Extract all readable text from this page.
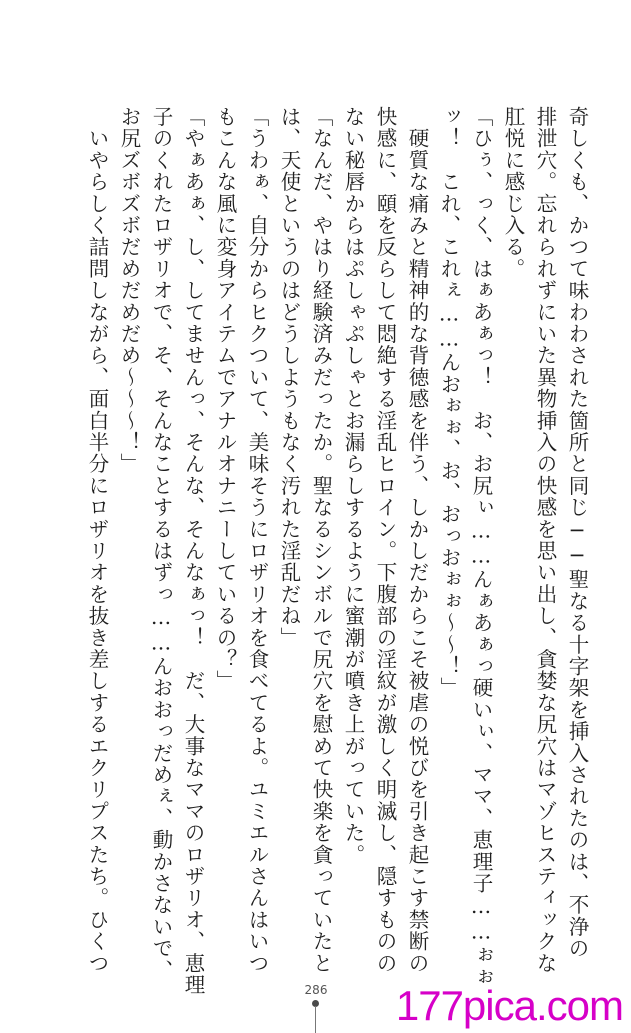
奇しくも、かつて味わわされた箇所と同じ──聖なる十字架を挿入されたのは、不浄の
排泄穴。忘れられずにいた異物挿入の快感を思い出し、貪婪な尻穴はマゾヒスティックな
肛悦に感じ入る。
「ひぅ、っく、はぁあぁっ！　お、お尻ぃ……んぁあぁっ硬いぃ、ママ、恵理子……ぉぉ
ッ！　これ、これぇ……んおぉぉ、お、おっおぉぉ～～！」
　硬質な痛みと精神的な背徳感を伴う、しかしだからこそ被虐の悦びを引き起こす禁断の
快感に、頤を反らして悶絶する淫乱ヒロイン。下腹部の淫紋が激しく明滅し、隠すものの
ない秘唇からはぷしゃぷしゃとお漏らしするように蜜潮が噴き上がっていた。
「なんだ、やはり経験済みだったか。聖なるシンボルで尻穴を慰めて快楽を貪っていたと
は、天使というのはどうしようもなく汚れた淫乱だね」
「うわぁ、自分からヒクついて、美味そうにロザリオを食べてるよ。ユミエルさんはいつ
もこんな風に変身アイテムでアナルオナニーしているの？」
「やぁあぁ、し、してませんっ、そんな、そんなぁっ！　だ、大事なママのロザリオ、恵理
子のくれたロザリオで、そ、そんなことするはずっ……んおおっだめぇ、動かさないで、
お尻ズボズボだめだめだめ～～～！」
　いやらしく詰問しながら、面白半分にロザリオを抜き差しするエクリプスたち。ひくつ
286 177pica.com
